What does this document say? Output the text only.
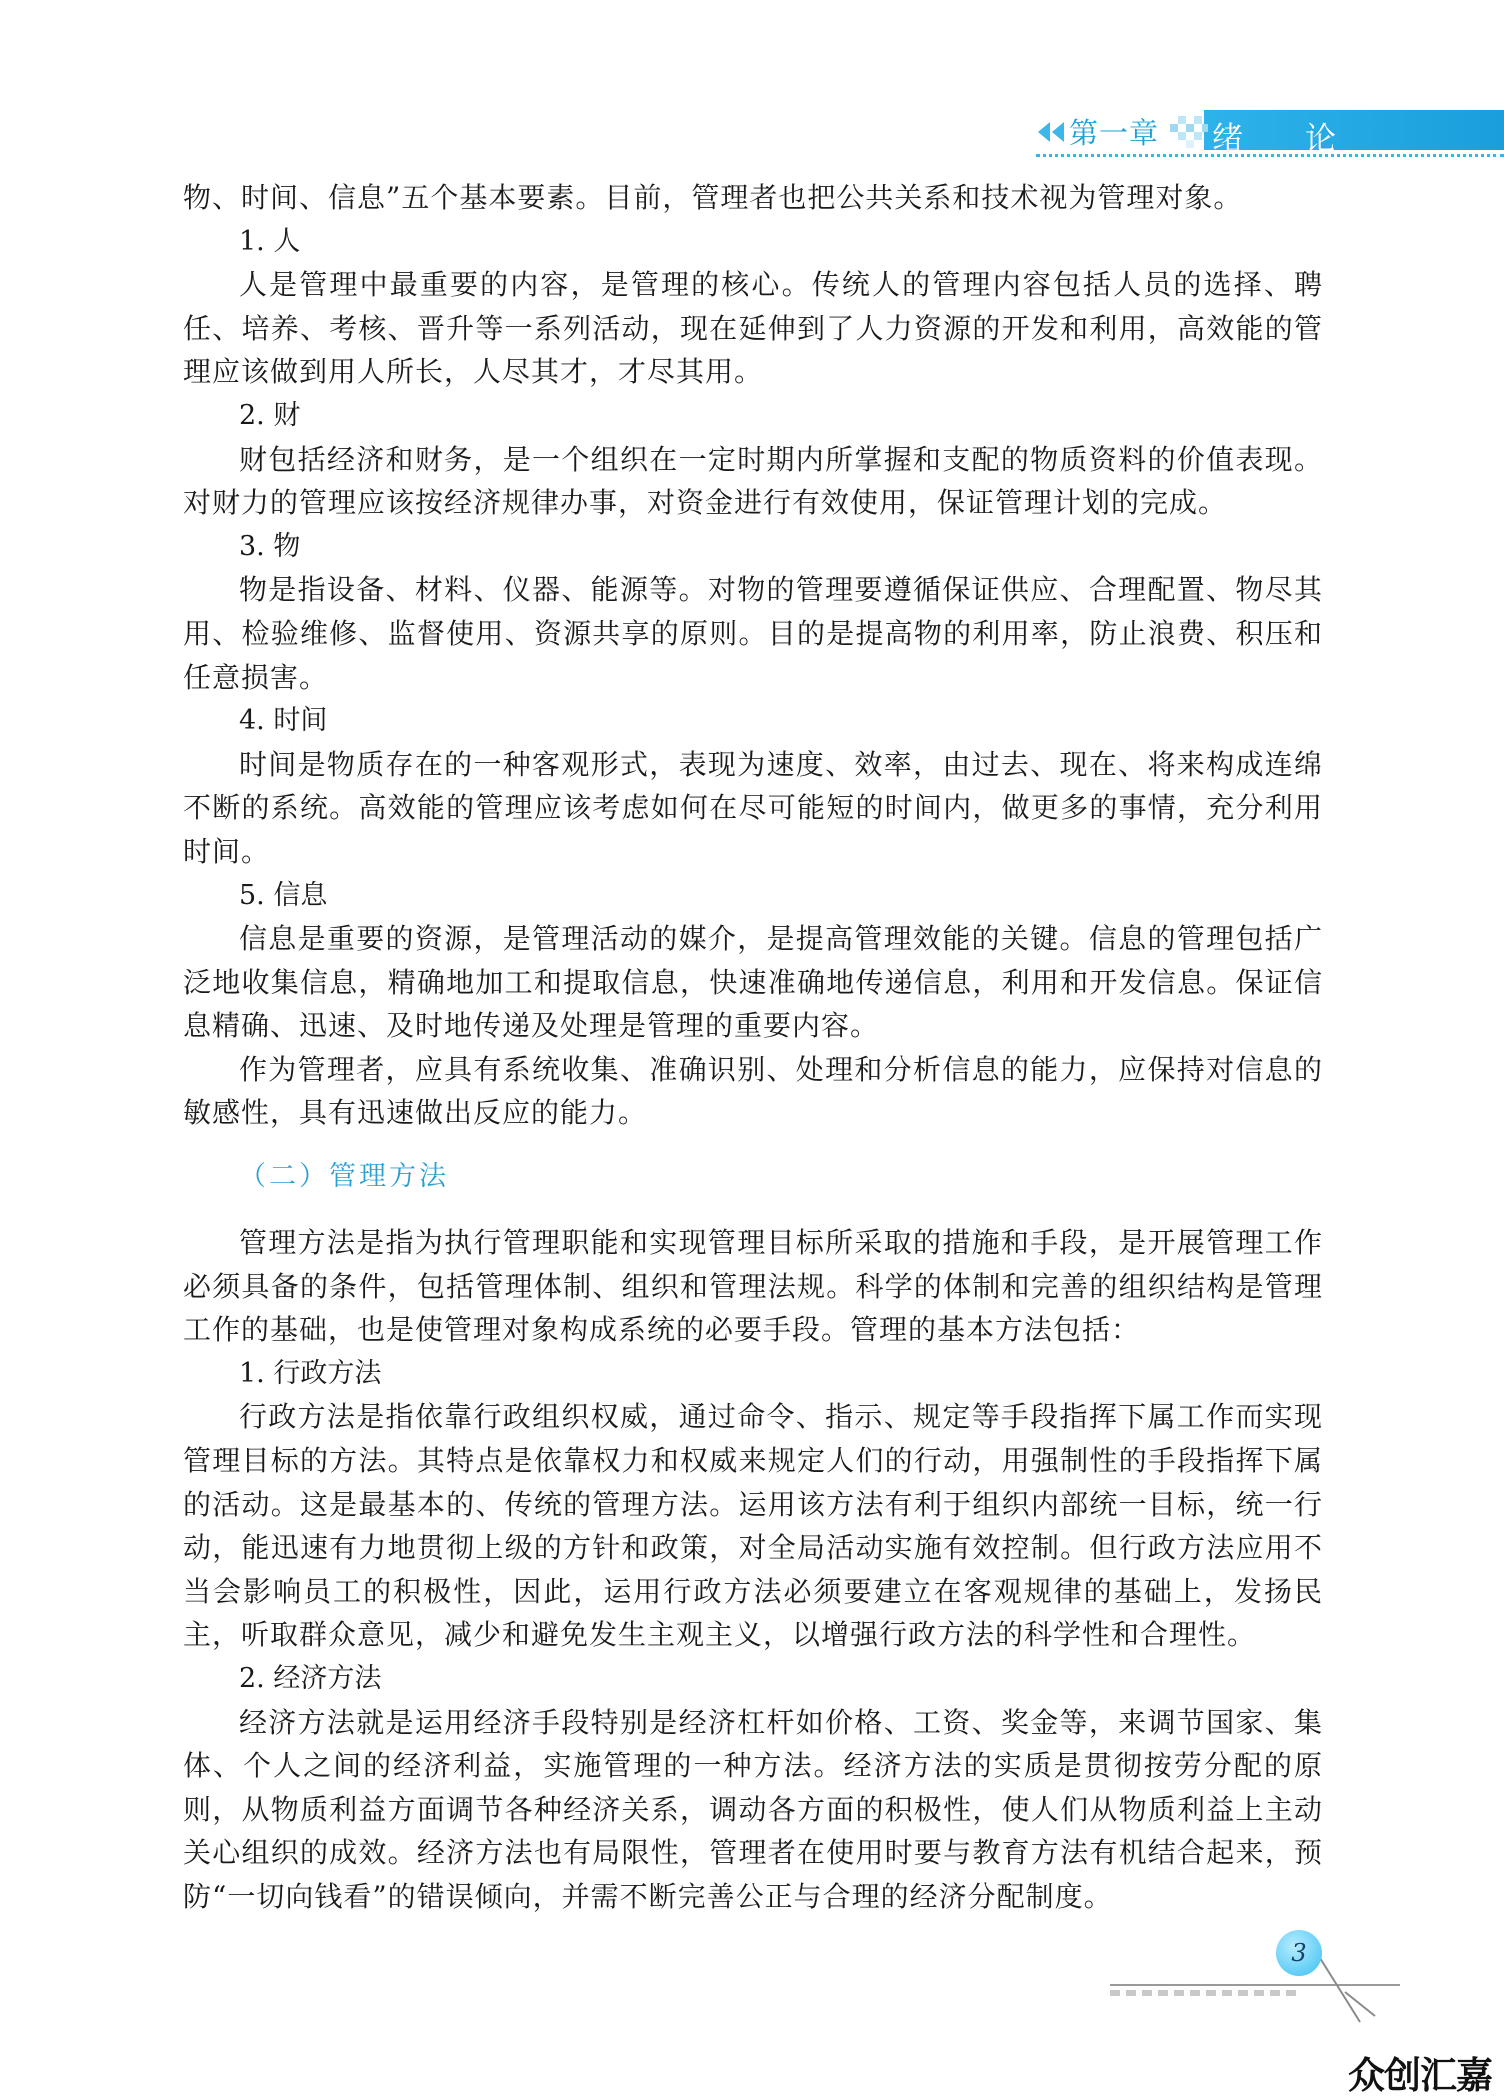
第一章 绪 论

物、时间、信息”五个基本要素。目前，管理者也把公共关系和技术视为管理对象。

1. 人

人是管理中最重要的内容，是管理的核心。传统人的管理内容包括人员的选择、聘任、培养、考核、晋升等一系列活动，现在延伸到了人力资源的开发和利用，高效能的管理应该做到用人所长，人尽其才，才尽其用。

2. 财

财包括经济和财务，是一个组织在一定时期内所掌握和支配的物质资料的价值表现。对财力的管理应该按经济规律办事，对资金进行有效使用，保证管理计划的完成。

3. 物

物是指设备、材料、仪器、能源等。对物的管理要遵循保证供应、合理配置、物尽其用、检验维修、监督使用、资源共享的原则。目的是提高物的利用率，防止浪费、积压和任意损害。

4. 时间

时间是物质存在的一种客观形式，表现为速度、效率，由过去、现在、将来构成连绵不断的系统。高效能的管理应该考虑如何在尽可能短的时间内，做更多的事情，充分利用时间。

5. 信息

信息是重要的资源，是管理活动的媒介，是提高管理效能的关键。信息的管理包括广泛地收集信息，精确地加工和提取信息，快速准确地传递信息，利用和开发信息。保证信息精确、迅速、及时地传递及处理是管理的重要内容。

作为管理者，应具有系统收集、准确识别、处理和分析信息的能力，应保持对信息的敏感性，具有迅速做出反应的能力。

（二）管理方法

管理方法是指为执行管理职能和实现管理目标所采取的措施和手段，是开展管理工作必须具备的条件，包括管理体制、组织和管理法规。科学的体制和完善的组织结构是管理工作的基础，也是使管理对象构成系统的必要手段。管理的基本方法包括：

1. 行政方法

行政方法是指依靠行政组织权威，通过命令、指示、规定等手段指挥下属工作而实现管理目标的方法。其特点是依靠权力和权威来规定人们的行动，用强制性的手段指挥下属的活动。这是最基本的、传统的管理方法。运用该方法有利于组织内部统一目标，统一行动，能迅速有力地贯彻上级的方针和政策，对全局活动实施有效控制。但行政方法应用不当会影响员工的积极性，因此，运用行政方法必须要建立在客观规律的基础上，发扬民主，听取群众意见，减少和避免发生主观主义，以增强行政方法的科学性和合理性。

2. 经济方法

经济方法就是运用经济手段特别是经济杠杆如价格、工资、奖金等，来调节国家、集体、个人之间的经济利益，实施管理的一种方法。经济方法的实质是贯彻按劳分配的原则，从物质利益方面调节各种经济关系，调动各方面的积极性，使人们从物质利益上主动关心组织的成效。经济方法也有局限性，管理者在使用时要与教育方法有机结合起来，预防“一切向钱看”的错误倾向，并需不断完善公正与合理的经济分配制度。

3
众创汇嘉
